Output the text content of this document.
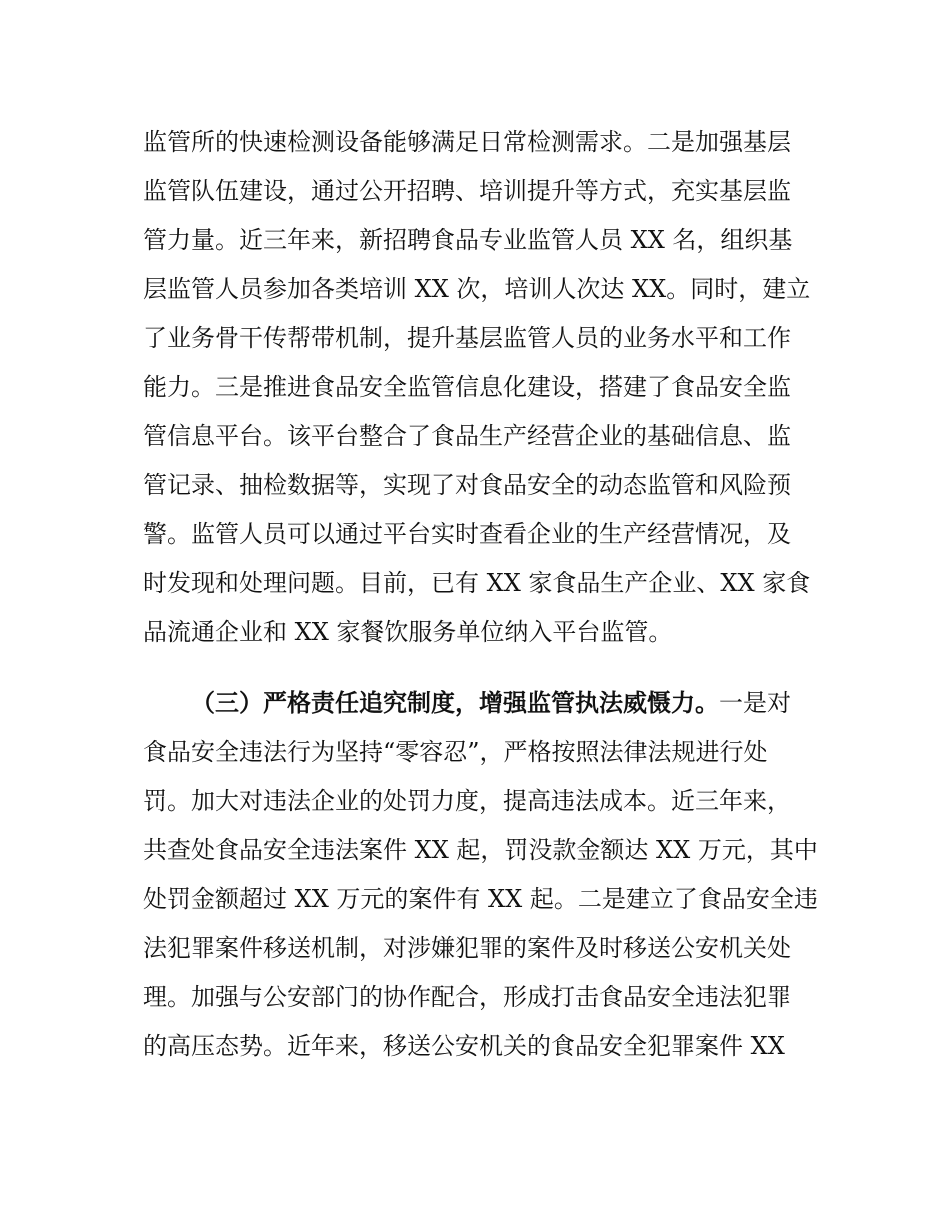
监管所的快速检测设备能够满足日常检测需求。二是加强基层
监管队伍建设，通过公开招聘、培训提升等方式，充实基层监
管力量。近三年来，新招聘食品专业监管人员 XX 名，组织基
层监管人员参加各类培训 XX 次，培训人次达 XX。同时，建立
了业务骨干传帮带机制，提升基层监管人员的业务水平和工作
能力。三是推进食品安全监管信息化建设，搭建了食品安全监
管信息平台。该平台整合了食品生产经营企业的基础信息、监
管记录、抽检数据等，实现了对食品安全的动态监管和风险预
警。监管人员可以通过平台实时查看企业的生产经营情况，及
时发现和处理问题。目前，已有 XX 家食品生产企业、XX 家食
品流通企业和 XX 家餐饮服务单位纳入平台监管。
（三）严格责任追究制度，增强监管执法威慑力。一是对
食品安全违法行为坚持“零容忍”，严格按照法律法规进行处
罚。加大对违法企业的处罚力度，提高违法成本。近三年来，
共查处食品安全违法案件 XX 起，罚没款金额达 XX 万元，其中
处罚金额超过 XX 万元的案件有 XX 起。二是建立了食品安全违
法犯罪案件移送机制，对涉嫌犯罪的案件及时移送公安机关处
理。加强与公安部门的协作配合，形成打击食品安全违法犯罪
的高压态势。近年来，移送公安机关的食品安全犯罪案件 XX
